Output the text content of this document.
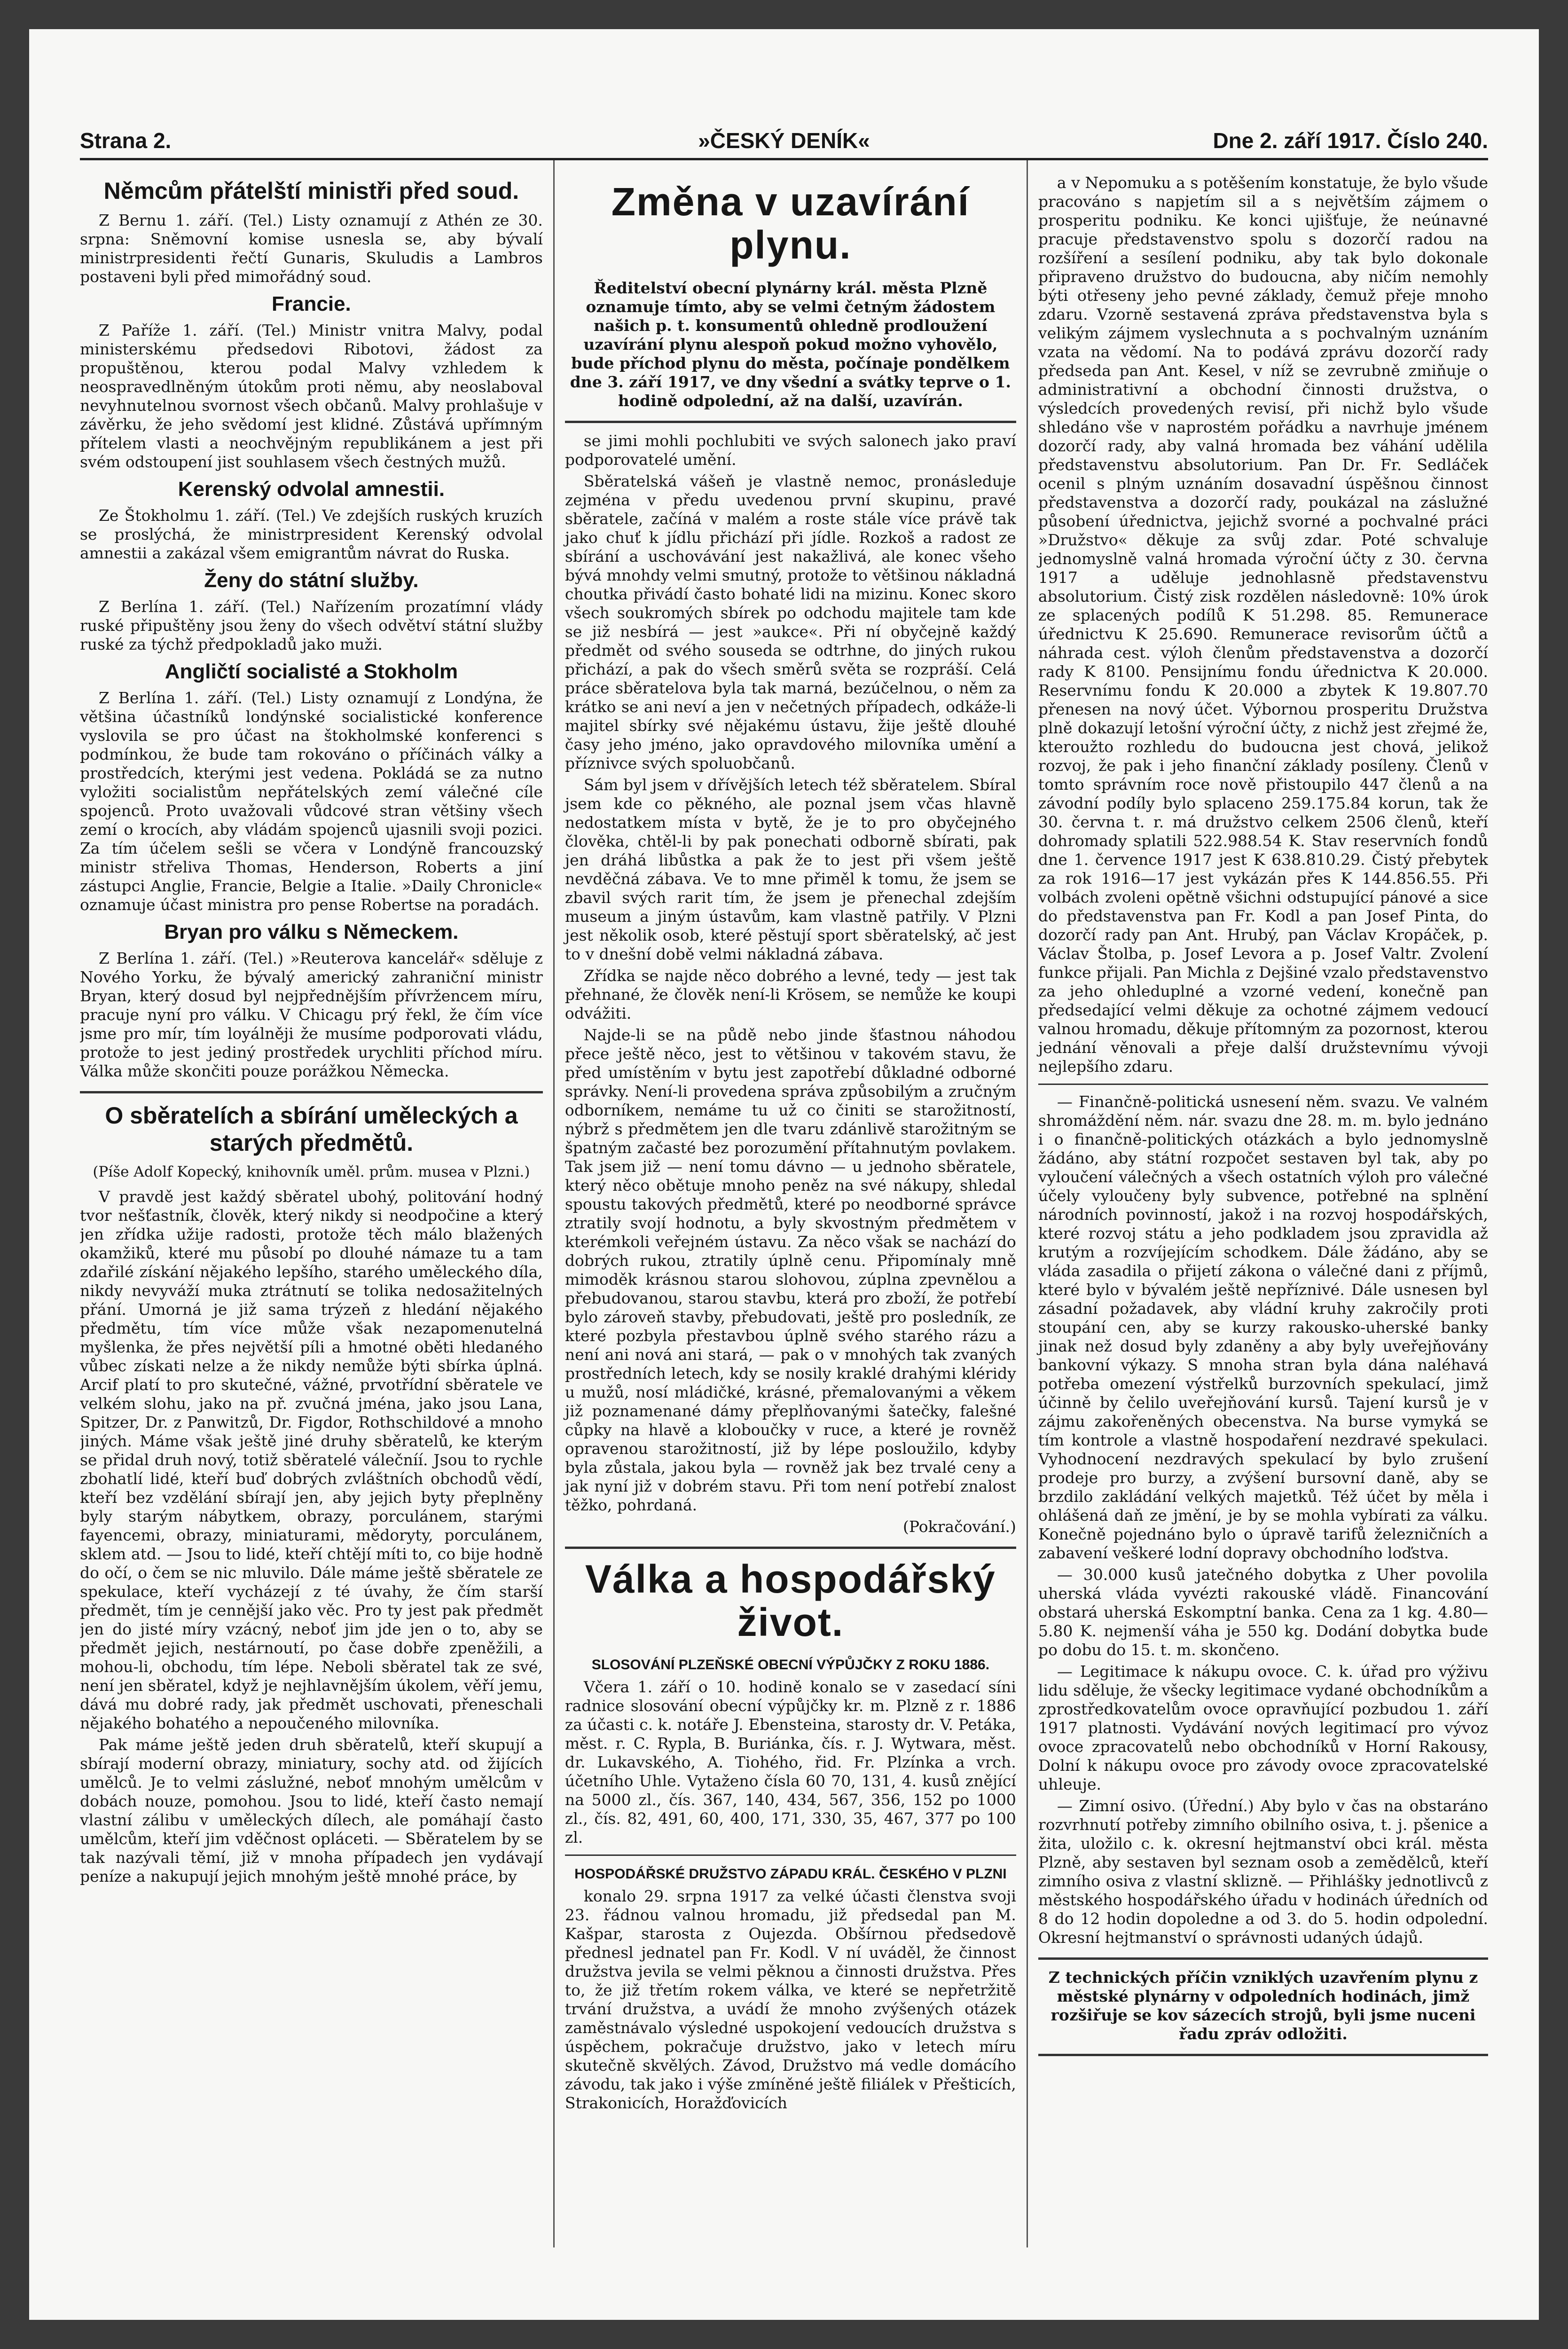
Strana 2.	»ČESKÝ DENÍK«	Dne 2. září 1917. Číslo 240.
Němcům přátelští ministři před soud.

Z Bernu 1. září. (Tel.) Listy oznamují z Athén ze 30. srpna: Sněmovní komise usnesla se, aby bývalí ministrpresidenti řečtí Gunaris, Skuludis a Lambros postaveni byli před mimořádný soud.

Francie.

Z Paříže 1. září. (Tel.) Ministr vnitra Malvy, podal ministerskému předsedovi Ribotovi, žádost za propuštěnou, kterou podal Malvy vzhledem k neospravedlněným útokům proti němu, aby neoslaboval nevyhnutelnou svornost všech občanů. Malvy prohlašuje v závěrku, že jeho svědomí jest klidné. Zůstává upřímným přítelem vlasti a neochvějným republikánem a jest při svém odstoupení jist souhlasem všech čestných mužů.

Kerenský odvolal amnestii.

Ze Štokholmu 1. září. (Tel.) Ve zdejších ruských kruzích se proslýchá, že ministrpresident Kerenský odvolal amnestii a zakázal všem emigrantům návrat do Ruska.

Ženy do státní služby.

Z Berlína 1. září. (Tel.) Nařízením prozatímní vlády ruské připuštěny jsou ženy do všech odvětví státní služby ruské za týchž předpokladů jako muži.

Angličtí socialisté a Stokholm

Z Berlína 1. září. (Tel.) Listy oznamují z Londýna, že většina účastníků londýnské socialistické konference vyslovila se pro účast na štokholmské konferenci s podmínkou, že bude tam rokováno o příčinách války a prostředcích, kterými jest vedena. Pokládá se za nutno vyložiti socialistům nepřátelských zemí válečné cíle spojenců. Proto uvažovali vůdcové stran většiny všech zemí o krocích, aby vládám spojenců ujasnili svoji pozici. Za tím účelem sešli se včera v Londýně francouzský ministr střeliva Thomas, Henderson, Roberts a jiní zástupci Anglie, Francie, Belgie a Italie. »Daily Chronicle« oznamuje účast ministra pro pense Robertse na poradách.

Bryan pro válku s Německem.

Z Berlína 1. září. (Tel.) »Reuterova kancelář« sděluje z Nového Yorku, že bývalý americký zahraniční ministr Bryan, který dosud byl nejpřednějším přívržencem míru, pracuje nyní pro válku. V Chicagu prý řekl, že čím více jsme pro mír, tím loyálněji že musíme podporovati vládu, protože to jest jediný prostředek urychliti příchod míru. Válka může skončiti pouze porážkou Německa.

O sběratelích a sbírání uměleckých a starých předmětů.
(Píše Adolf Kopecký, knihovník uměl. prům. musea v Plzni.)

V pravdě jest každý sběratel ubohý, politování hodný tvor nešťastník, člověk, který nikdy si neodpočine a který jen zřídka užije radosti, protože těch málo blažených okamžiků, které mu působí po dlouhé námaze tu a tam zdařilé získání nějakého lepšího, starého uměleckého díla, nikdy nevyváží muka ztrátnutí se tolika nedosažitelných přání. Umorná je již sama trýzeň z hledání nějakého předmětu, tím více může však nezapomenutelná myšlenka, že přes největší píli a hmotné oběti hledaného vůbec získati nelze a že nikdy nemůže býti sbírka úplná. Arcif platí to pro skutečné, vážné, prvotřídní sběratele ve velkém slohu, jako na př. zvučná jména, jako jsou Lana, Spitzer, Dr. z Panwitzů, Dr. Figdor, Rothschildové a mnoho jiných. Máme však ještě jiné druhy sběratelů, ke kterým se přidal druh nový, totiž sběratelé válečníí. Jsou to rychle zbohatlí lidé, kteří buď dobrých zvláštních obchodů vědí, kteří bez vzdělání sbírají jen, aby jejich byty přeplněny byly starým nábytkem, obrazy, porculánem, starými fayencemi, obrazy, miniaturami, mědoryty, porculánem, sklem atd. — Jsou to lidé, kteří chtějí míti to, co bije hodně do očí, o čem se nic mluvilo. Dále máme ještě sběratele ze spekulace, kteří vycházejí z té úvahy, že čím starší předmět, tím je cennější jako věc. Pro ty jest pak předmět jen do jisté míry vzácný, neboť jim jde jen o to, aby se předmět jejich, nestárnoutí, po čase dobře zpeněžili, a mohou-li, obchodu, tím lépe. Neboli sběratel tak ze své, není jen sběratel, když je nejhlavnějším úkolem, věří jemu, dává mu dobré rady, jak předmět uschovati, přeneschali nějakého bohatého a nepoučeného milovníka.

Pak máme ještě jeden druh sběratelů, kteří skupují a sbírají moderní obrazy, miniatury, sochy atd. od žijících umělců. Je to velmi záslužné, neboť mnohým umělcům v dobách nouze, pomohou. Jsou to lidé, kteří často nemají vlastní zálibu v uměleckých dílech, ale pomáhají často umělcům, kteří jim vděčnost opláceti. — Sběratelem by se tak nazývali těmí, již v mnoha případech jen vydávají peníze a nakupují jejich mnohým ještě mnohé práce, by

Změna v uzavírání plynu.

Ředitelství obecní plynárny král. města Plzně oznamuje tímto, aby se velmi četným žádostem našich p. t. konsumentů ohledně prodloužení uzavírání plynu alespoň pokud možno vyhovělo, bude příchod plynu do města, počínaje pondělkem dne 3. září 1917, ve dny všední a svátky teprve o 1. hodině odpolední, až na další, uzavírán.

se jimi mohli pochlubiti ve svých salonech jako praví podporovatelé umění.

Sběratelská vášeň je vlastně nemoc, pronásleduje zejména v předu uvedenou první skupinu, pravé sběratele, začíná v malém a roste stále více právě tak jako chuť k jídlu přichází při jídle. Rozkoš a radost ze sbírání a uschovávání jest nakažlivá, ale konec všeho bývá mnohdy velmi smutný, protože to většinou nákladná choutka přivádí často bohaté lidi na mizinu. Konec skoro všech soukromých sbírek po odchodu majitele tam kde se již nesbírá — jest »aukce«. Při ní obyčejně každý předmět od svého souseda se odtrhne, do jiných rukou přichází, a pak do všech směrů světa se rozpráší. Celá práce sběratelova byla tak marná, bezúčelnou, o něm za krátko se ani neví a jen v nečetných případech, odkáže-li majitel sbírky své nějakému ústavu, žije ještě dlouhé časy jeho jméno, jako opravdového milovníka umění a příznivce svých spoluobčanů.

Sám byl jsem v dřívějších letech též sběratelem. Sbíral jsem kde co pěkného, ale poznal jsem včas hlavně nedostatkem místa v bytě, že je to pro obyčejného člověka, chtěl-li by pak ponechati odborně sbírati, pak jen dráhá libůstka a pak že to jest při všem ještě nevděčná zábava. Ve to mne přiměl k tomu, že jsem se zbavil svých rarit tím, že jsem je přenechal zdejším museum a jiným ústavům, kam vlastně patřily. V Plzni jest několik osob, které pěstují sport sběratelský, ač jest to v dnešní době velmi nákladná zábava.

Zřídka se najde něco dobrého a levné, tedy — jest tak přehnané, že člověk není-li Krösem, se nemůže ke koupi odvážiti.

Najde-li se na půdě nebo jinde šťastnou náhodou přece ještě něco, jest to většinou v takovém stavu, že před umístěním v bytu jest zapotřebí důkladné odborné správky. Není-li provedena správa způsobilým a zručným odborníkem, nemáme tu už co činiti se starožitností, nýbrž s předmětem jen dle tvaru zdánlivě starožitným se špatným začasté bez porozumění přítahnutým povlakem. Tak jsem již — není tomu dávno — u jednoho sběratele, který něco obětuje mnoho peněz na své nákupy, shledal spoustu takových předmětů, které po neodborné správce ztratily svojí hodnotu, a byly skvostným předmětem v kterémkoli veřejném ústavu. Za něco však se nachází do dobrých rukou, ztratily úplně cenu. Připomínaly mně mimoděk krásnou starou slohovou, zúplna zpevnělou a přebudovanou, starou stavbu, která pro zboží, že potřebí bylo zároveň stavby, přebudovati, ještě pro posledník, ze které pozbyla přestavbou úplně svého starého rázu a není ani nová ani stará, — pak o v mnohých tak zvaných prostředních letech, kdy se nosily kraklé drahými kléridy u mužů, nosí mládičké, krásné, přemalovanými a věkem již poznamenané dámy přeplňovanými šatečky, falešné cůpky na hlavě a kloboučky v ruce, a které je rovněž opravenou starožitností, již by lépe posloužilo, kdyby byla zůstala, jakou byla — rovněž jak bez trvalé ceny a jak nyní již v dobrém stavu. Při tom není potřebí znalost těžko, pohrdaná.

(Pokračování.)

Válka a hospodářský život.
SLOSOVÁNÍ PLZEŇSKÉ OBECNÍ VÝPŮJČKY Z ROKU 1886.

Včera 1. září o 10. hodině konalo se v zasedací síni radnice slosování obecní výpůjčky kr. m. Plzně z r. 1886 za účasti c. k. notáře J. Ebensteina, starosty dr. V. Petáka, měst. r. C. Rypla, B. Buriánka, čís. r. J. Wytwara, měst. dr. Lukavského, A. Tiohého, řid. Fr. Plzínka a vrch. účetního Uhle. Vytaženo čísla 60 70, 131, 4. kusů znějící na 5000 zl., čís. 367, 140, 434, 567, 356, 152 po 1000 zl., čís. 82, 491, 60, 400, 171, 330, 35, 467, 377 po 100 zl.

HOSPODÁŘSKÉ DRUŽSTVO ZÁPADU KRÁL. ČESKÉHO V PLZNI

konalo 29. srpna 1917 za velké účasti členstva svoji 23. řádnou valnou hromadu, již předsedal pan M. Kašpar, starosta z Oujezda. Obšírnou předsedově přednesl jednatel pan Fr. Kodl. V ní uváděl, že činnost družstva jevila se velmi pěknou a činnosti družstva. Přes to, že již třetím rokem válka, ve které se nepřetržitě trvání družstva, a uvádí že mnoho zvýšených otázek zaměstnávalo výsledné uspokojení vedoucích družstva s úspěchem, pokračuje družstvo, jako v letech míru skutečně skvělých. Závod, Družstvo má vedle domácího závodu, tak jako i výše zmíněné ještě filiálek v Přešticích, Strakonicích, Horažďovicích

a v Nepomuku a s potěšením konstatuje, že bylo všude pracováno s napjetím sil a s největším zájmem o prosperitu podniku. Ke konci ujišťuje, že neúnavné pracuje představenstvo spolu s dozorčí radou na rozšíření a sesílení podniku, aby tak bylo dokonale připraveno družstvo do budoucna, aby ničím nemohly býti otřeseny jeho pevné základy, čemuž přeje mnoho zdaru. Vzorně sestavená zpráva představenstva byla s velikým zájmem vyslechnuta a s pochvalným uznáním vzata na vědomí. Na to podává zprávu dozorčí rady předseda pan Ant. Kesel, v níž se zevrubně zmiňuje o administrativní a obchodní činnosti družstva, o výsledcích provedených revisí, při nichž bylo všude shledáno vše v naprostém pořádku a navrhuje jménem dozorčí rady, aby valná hromada bez váhání udělila představenstvu absolutorium. Pan Dr. Fr. Sedláček ocenil s plným uznáním dosavadní úspěšnou činnost představenstva a dozorčí rady, poukázal na záslužné působení úřednictva, jejichž svorné a pochvalné práci »Družstvo« děkuje za svůj zdar. Poté schvaluje jednomyslně valná hromada výroční účty z 30. června 1917 a uděluje jednohlasně představenstvu absolutorium. Čistý zisk rozdělen následovně: 10% úrok ze splacených podílů K 51.298. 85. Remunerace úřednictvu K 25.690. Remunerace revisorům účtů a náhrada cest. výloh členům představenstva a dozorčí rady K 8100. Pensijnímu fondu úřednictva K 20.000. Reservnímu fondu K 20.000 a zbytek K 19.807.70 přenesen na nový účet. Výbornou prosperitu Družstva plně dokazují letošní výroční účty, z nichž jest zřejmé že, kteroužto rozhledu do budoucna jest chová, jelikož rozvoj, že pak i jeho finanční základy posíleny. Členů v tomto správním roce nově přistoupilo 447 členů a na závodní podíly bylo splaceno 259.175.84 korun, tak že 30. června t. r. má družstvo celkem 2506 členů, kteří dohromady splatili 522.988.54 K. Stav reservních fondů dne 1. července 1917 jest K 638.810.29. Čistý přebytek za rok 1916—17 jest vykázán přes K 144.856.55. Při volbách zvoleni opětně všichni odstupující pánové a sice do představenstva pan Fr. Kodl a pan Josef Pinta, do dozorčí rady pan Ant. Hrubý, pan Václav Kropáček, p. Václav Štolba, p. Josef Levora a p. Josef Valtr. Zvolení funkce přijali. Pan Michla z Dejšiné vzalo představenstvo za jeho ohleduplné a vzorné vedení, konečně pan předsedající velmi děkuje za ochotné zájmem vedoucí valnou hromadu, děkuje přítomným za pozornost, kterou jednání věnovali a přeje další družstevnímu vývoji nejlepšího zdaru.

— Finančně-politická usnesení něm. svazu. Ve valném shromáždění něm. nár. svazu dne 28. m. m. bylo jednáno i o finančně-politických otázkách a bylo jednomyslně žádáno, aby státní rozpočet sestaven byl tak, aby po vyloučení válečných a všech ostatních výloh pro válečné účely vyloučeny byly subvence, potřebné na splnění národních povinností, jakož i na rozvoj hospodářských, které rozvoj státu a jeho podkladem jsou zpravidla až krutým a rozvíjejícím schodkem. Dále žádáno, aby se vláda zasadila o přijetí zákona o válečné dani z příjmů, které bylo v bývalém ještě nepříznivé. Dále usnesen byl zásadní požadavek, aby vládní kruhy zakročily proti stoupání cen, aby se kurzy rakousko-uherské banky jinak než dosud byly zdaněny a aby byly uveřejňovány bankovní výkazy. S mnoha stran byla dána naléhavá potřeba omezení výstřelků burzovních spekulací, jimž účinně by čelilo uveřejňování kursů. Tajení kursů je v zájmu zakořeněných obecenstva. Na burse vymyká se tím kontrole a vlastně hospodaření nezdravé spekulaci. Vyhodnocení nezdravých spekulací by bylo zrušení prodeje pro burzy, a zvýšení bursovní daně, aby se brzdilo zakládání velkých majetků. Též účet by měla i ohlášená daň ze jmění, je by se mohla vybírati za válku. Konečně pojednáno bylo o úpravě tarifů železničních a zabavení veškeré lodní dopravy obchodního loďstva.

— 30.000 kusů jatečného dobytka z Uher povolila uherská vláda vyvézti rakouské vládě. Financování obstará uherská Eskomptní banka. Cena za 1 kg. 4.80—5.80 K. nejmenší váha je 550 kg. Dodání dobytka bude po dobu do 15. t. m. skončeno.

— Legitimace k nákupu ovoce. C. k. úřad pro výživu lidu sděluje, že všecky legitimace vydané obchodníkům a zprostředkovatelům ovoce opravňující pozbudou 1. září 1917 platnosti. Vydávání nových legitimací pro vývoz ovoce zpracovatelů nebo obchodníků v Horní Rakousy, Dolní k nákupu ovoce pro závody ovoce zpracovatelské uhleuje.

— Zimní osivo. (Úřední.) Aby bylo v čas na obstaráno rozvrhnutí potřeby zimního obilního osiva, t. j. pšenice a žita, uložilo c. k. okresní hejtmanství obci král. města Plzně, aby sestaven byl seznam osob a zemědělců, kteří zimního osiva z vlastní sklizně. — Přihlášky jednotlivců z městského hospodářského úřadu v hodinách úředních od 8 do 12 hodin dopoledne a od 3. do 5. hodin odpolední. Okresní hejtmanství o správnosti udaných údajů.

Z technických příčin vzniklých uzavřením plynu z městské plynárny v odpoledních hodinách, jimž rozšiřuje se kov sázecích strojů, byli jsme nuceni řadu zpráv odložiti.
